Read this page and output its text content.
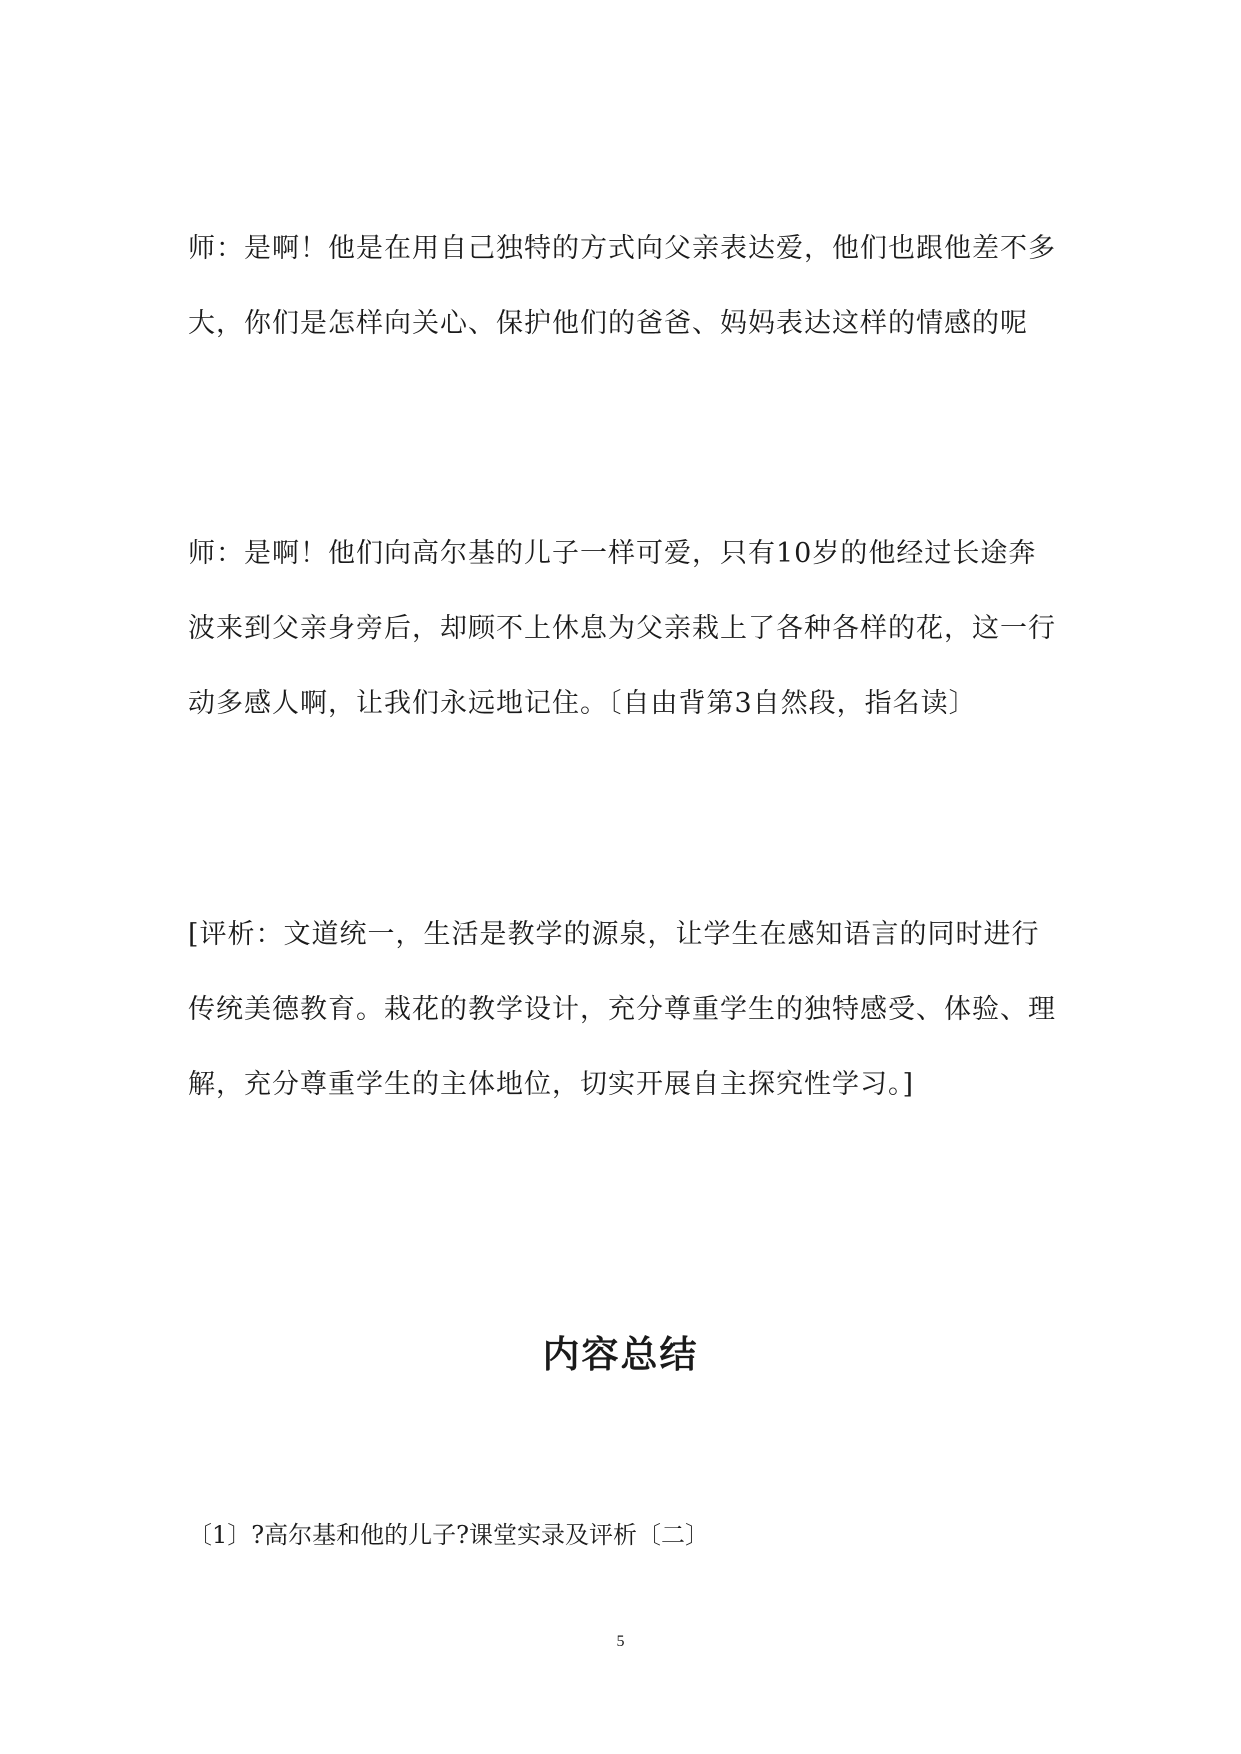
师：是啊！他是在用自己独特的方式向父亲表达爱，他们也跟他差不多大，你们是怎样向关心、保护他们的爸爸、妈妈表达这样的情感的呢

师：是啊！他们向高尔基的儿子一样可爱，只有10岁的他经过长途奔波来到父亲身旁后，却顾不上休息为父亲栽上了各种各样的花，这一行动多感人啊，让我们永远地记住。〔自由背第3自然段，指名读〕

[评析：文道统一，生活是教学的源泉，让学生在感知语言的同时进行传统美德教育。栽花的教学设计，充分尊重学生的独特感受、体验、理解，充分尊重学生的主体地位，切实开展自主探究性学习。]

内容总结

〔1〕?高尔基和他的儿子?课堂实录及评析〔二〕

5
